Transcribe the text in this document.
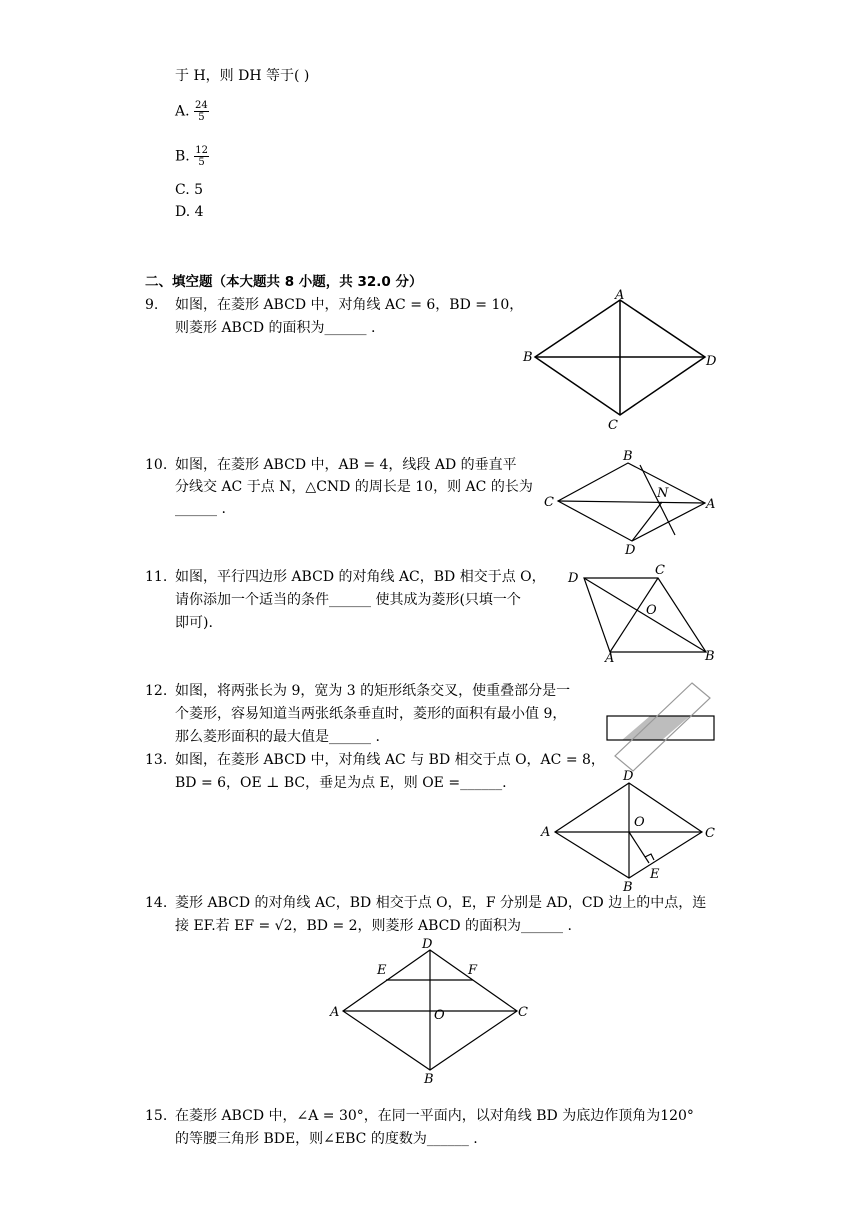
于 H，则 DH 等于( )
A. $\frac{24}{5}$
B. $\frac{12}{5}$
C. 5
D. 4
二、填空题（本大题共 8 小题，共 32.0 分）
9. 如图，在菱形 ABCD 中，对角线 AC = 6，BD = 10，
则菱形 ABCD 的面积为______ .
A
B	D
C
10. 如图，在菱形 ABCD 中，AB = 4，线段 AD 的垂直平
分线交 AC 于点 N，△CND 的周长是 10，则 AC 的长为
______ .
B
C	A
N
D
11. 如图，平行四边形 ABCD 的对角线 AC，BD 相交于点 O，
请你添加一个适当的条件______ 使其成为菱形(只填一个
即可).
D
C
O
A	B
12. 如图，将两张长为 9，宽为 3 的矩形纸条交叉，使重叠部分是一
个菱形，容易知道当两张纸条垂直时，菱形的面积有最小值 9，
那么菱形面积的最大值是______ .
13. 如图，在菱形 ABCD 中，对角线 AC 与 BD 相交于点 O，AC = 8，
BD = 6，OE ⊥ BC，垂足为点 E，则 OE =______.	D
A	C
O
E
B
14. 菱形 ABCD 的对角线 AC，BD 相交于点 O，E，F 分别是 AD，CD 边上的中点，连
接 EF.若 EF = √2，BD = 2，则菱形 ABCD 的面积为______ .
D
E	F
A	C
O
B
15. 在菱形 ABCD 中，∠A = 30°，在同一平面内，以对角线 BD 为底边作顶角为120°
的等腰三角形 BDE，则∠EBC 的度数为______ .
